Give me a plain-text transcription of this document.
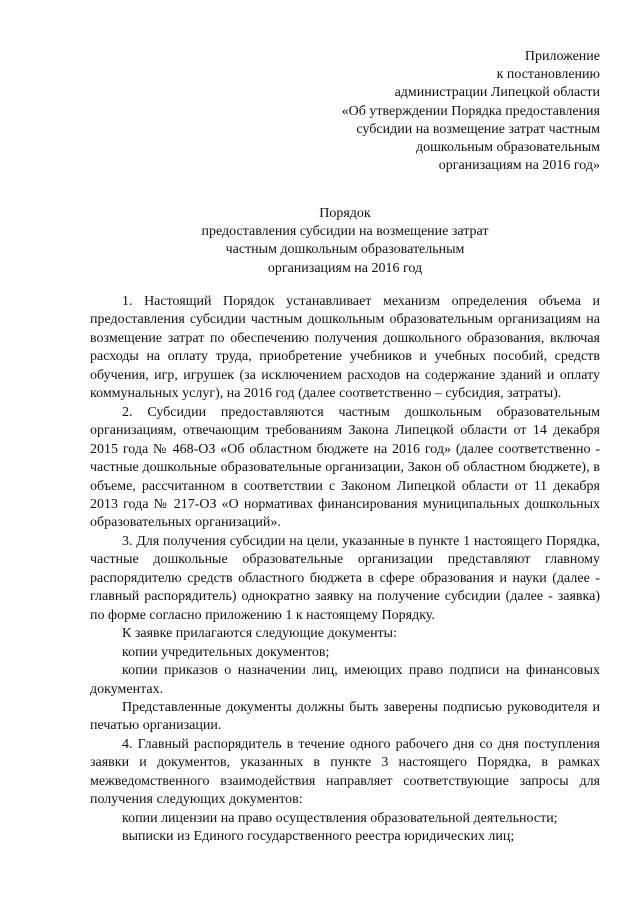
Приложение
к постановлению
администрации Липецкой области
«Об утверждении Порядка предоставления
субсидии на возмещение затрат частным
дошкольным образовательным
организациям на 2016 год»
Порядок
предоставления субсидии на возмещение затрат
частным дошкольным образовательным
организациям на 2016 год

1. Настоящий Порядок устанавливает механизм определения объема и предоставления субсидии частным дошкольным образовательным организациям на возмещение затрат по обеспечению получения дошкольного образования, включая расходы на оплату труда, приобретение учебников и учебных пособий, средств обучения, игр, игрушек (за исключением расходов на содержание зданий и оплату коммунальных услуг), на 2016 год (далее соответственно – субсидия, затраты).

2. Субсидии предоставляются частным дошкольным образовательным организациям, отвечающим требованиям Закона Липецкой области от 14 декабря 2015 года № 468-ОЗ «Об областном бюджете на 2016 год» (далее соответственно - частные дошкольные образовательные организации, Закон об областном бюджете), в объеме, рассчитанном в соответствии с Законом Липецкой области от 11 декабря 2013 года № 217-ОЗ «О нормативах финансирования муниципальных дошкольных образовательных организаций».

3. Для получения субсидии на цели, указанные в пункте 1 настоящего Порядка, частные дошкольные образовательные организации представляют главному распорядителю средств областного бюджета в сфере образования и науки (далее - главный распорядитель) однократно заявку на получение субсидии (далее - заявка) по форме согласно приложению 1 к настоящему Порядку.

К заявке прилагаются следующие документы:

копии учредительных документов;

копии приказов о назначении лиц, имеющих право подписи на финансовых документах.

Представленные документы должны быть заверены подписью руководителя и печатью организации.

4. Главный распорядитель в течение одного рабочего дня со дня поступления заявки и документов, указанных в пункте 3 настоящего Порядка, в рамках межведомственного взаимодействия направляет соответствующие запросы для получения следующих документов:

копии лицензии на право осуществления образовательной деятельности;

выписки из Единого государственного реестра юридических лиц;
